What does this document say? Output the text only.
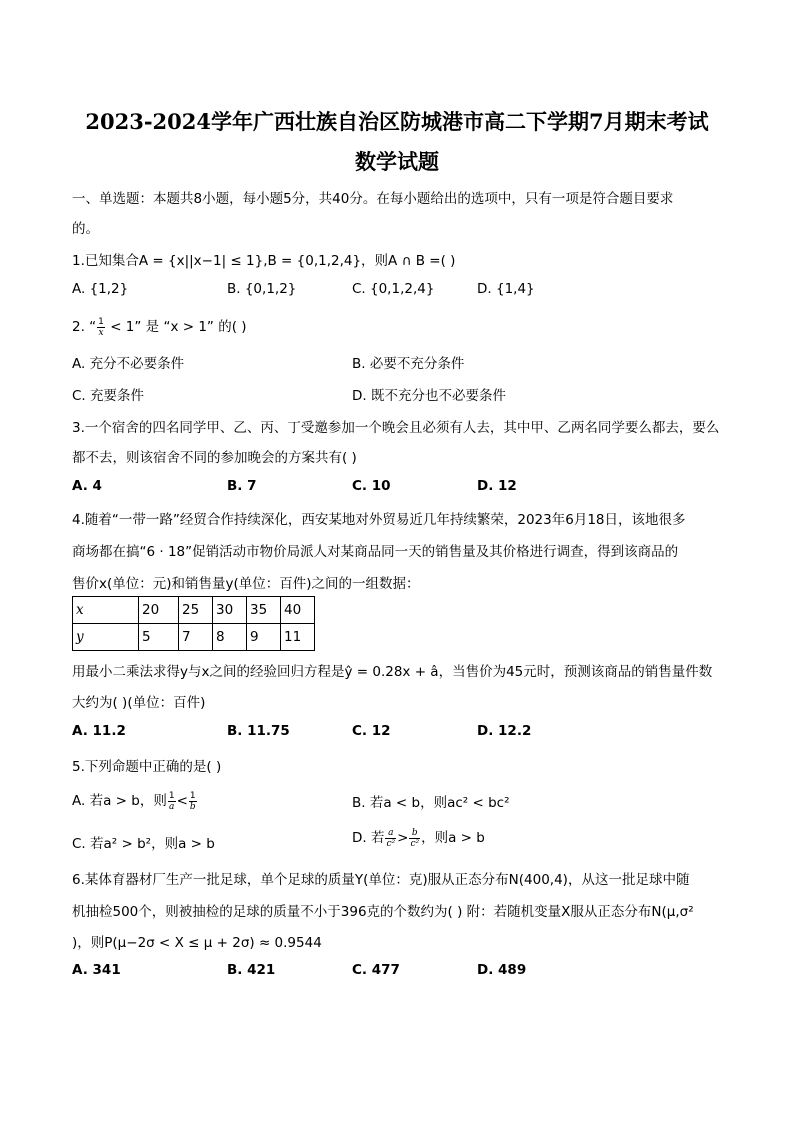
2023-2024学年广西壮族自治区防城港市高二下学期7月期末考试
数学试题
一、单选题：本题共8小题，每小题5分，共40分。在每小题给出的选项中，只有一项是符合题目要求
的。
1.已知集合A = {x||x−1| ≤ 1},B = {0,1,2,4}，则A ∩ B =( )
A. {1,2}	B. {0,1,2}	C. {0,1,2,4}	D. {1,4}
2. “ $\frac{1}{x} < 1$” 是 “x > 1” 的( )
A. 充分不必要条件	B. 必要不充分条件
C. 充要条件	D. 既不充分也不必要条件
3.一个宿舍的四名同学甲、乙、丙、丁受邀参加一个晚会且必须有人去，其中甲、乙两名同学要么都去，要么
都不去，则该宿舍不同的参加晚会的方案共有( )
A. 4	B. 7	C. 10	D. 12
4.随着“一带一路”经贸合作持续深化，西安某地对外贸易近几年持续繁荣，2023年6月18日，该地很多
商场都在搞“6 · 18”促销活动市物价局派人对某商品同一天的销售量及其价格进行调查，得到该商品的
售价x(单位：元)和销售量y(单位：百件)之间的一组数据：
x	20	25	30	35	40
y	5	7	8	9	11
用最小二乘法求得y与x之间的经验回归方程是ŷ = 0.28x + â，当售价为45元时，预测该商品的销售量件数
大约为( )(单位：百件)
A. 11.2	B. 11.75	C. 12	D. 12.2
5.下列命题中正确的是( )
A. 若a > b，则 $\frac{1}{a} < \frac{1}{b}$	B. 若a < b，则ac² < bc²
C. 若a² > b²，则a > b	D. 若 $\frac{a}{\text{c²}} > \frac{b}{\text{c²}}$ ，则a > b
6.某体育器材厂生产一批足球，单个足球的质量Y(单位：克)服从正态分布N(400,4)，从这一批足球中随
机抽检500个，则被抽检的足球的质量不小于396克的个数约为( ) 附：若随机变量X服从正态分布N(μ,σ²
)，则P(μ−2σ < X ≤ μ + 2σ) ≈ 0.9544
A. 341	B. 421	C. 477	D. 489
